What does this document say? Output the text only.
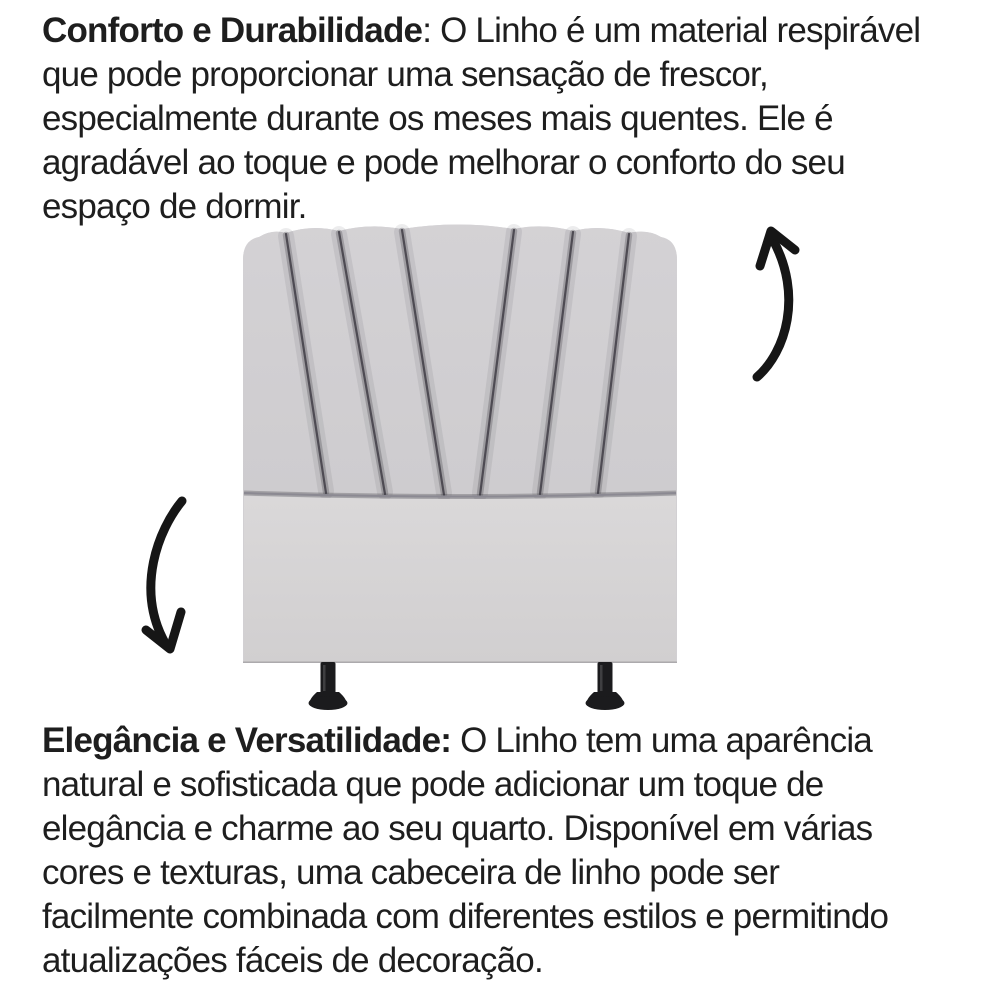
Conforto e Durabilidade: O Linho é um material respirável
que pode proporcionar uma sensação de frescor,
especialmente durante os meses mais quentes. Ele é
agradável ao toque e pode melhorar o conforto do seu
espaço de dormir.
Elegância e Versatilidade: O Linho tem uma aparência
natural e sofisticada que pode adicionar um toque de
elegância e charme ao seu quarto. Disponível em várias
cores e texturas, uma cabeceira de linho pode ser
facilmente combinada com diferentes estilos e permitindo
atualizações fáceis de decoração.
